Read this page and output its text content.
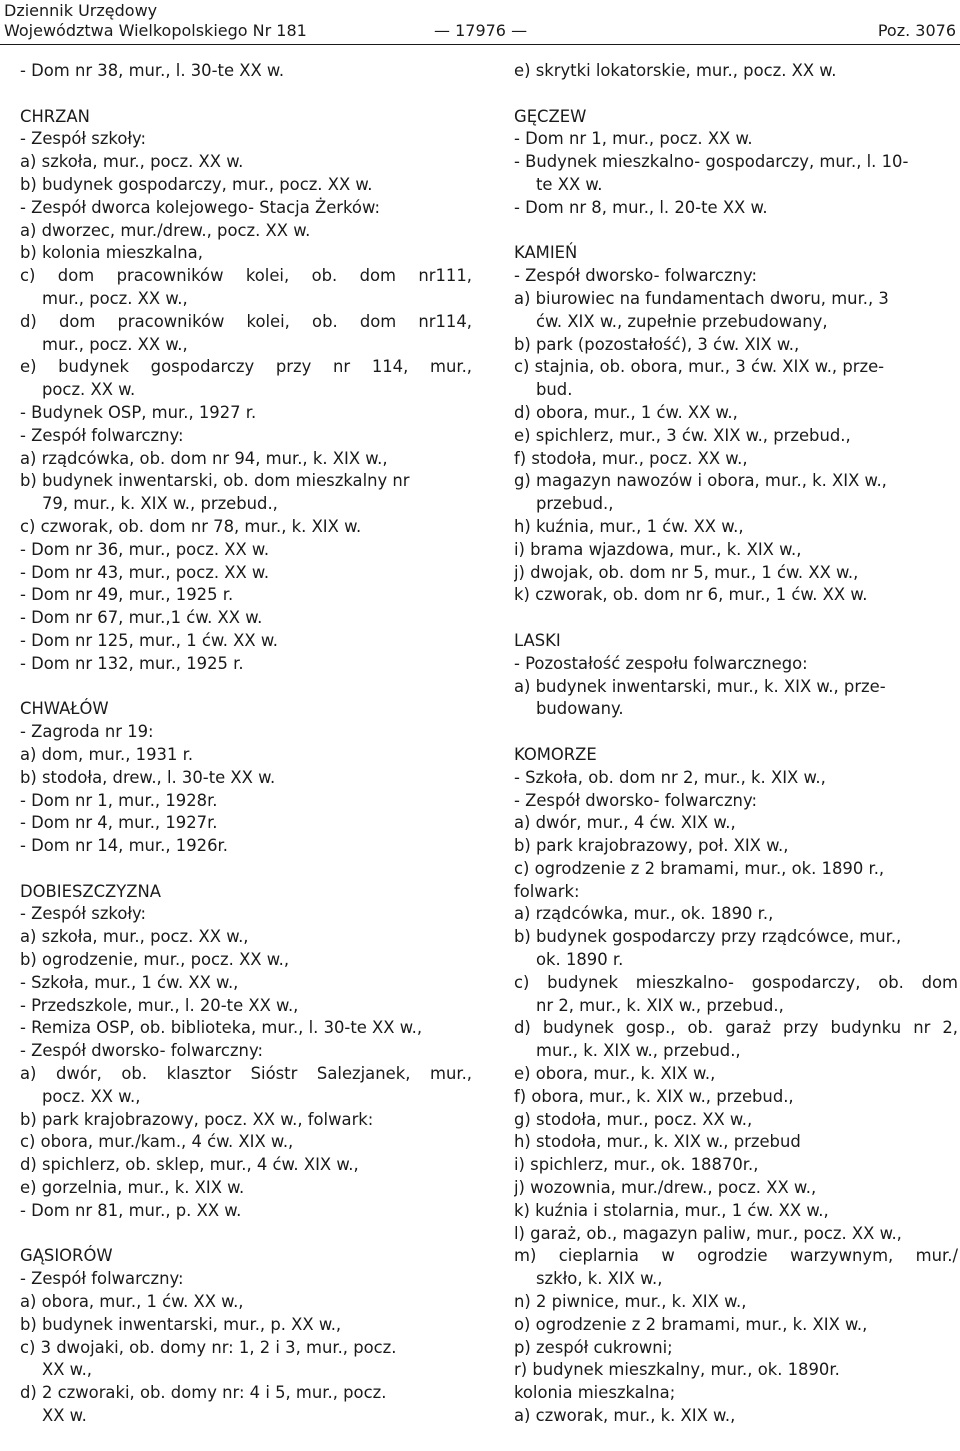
Dziennik Urzędowy
Województwa Wielkopolskiego Nr 181	— 17976 —	Poz. 3076
- Dom nr 38, mur., l. 30-te XX w.
CHRZAN
- Zespół szkoły:
a) szkoła, mur., pocz. XX w.
b) budynek gospodarczy, mur., pocz. XX w.
- Zespół dworca kolejowego- Stacja Żerków:
a) dworzec, mur./drew., pocz. XX w.
b) kolonia mieszkalna,
c) dom pracowników kolei, ob. dom nr111,
mur., pocz. XX w.,
d) dom pracowników kolei, ob. dom nr114,
mur., pocz. XX w.,
e) budynek gospodarczy przy nr 114, mur.,
pocz. XX w.
- Budynek OSP, mur., 1927 r.
- Zespół folwarczny:
a) rządcówka, ob. dom nr 94, mur., k. XIX w.,
b) budynek inwentarski, ob. dom mieszkalny nr
79, mur., k. XIX w., przebud.,
c) czworak, ob. dom nr 78, mur., k. XIX w.
- Dom nr 36, mur., pocz. XX w.
- Dom nr 43, mur., pocz. XX w.
- Dom nr 49, mur., 1925 r.
- Dom nr 67, mur.,1 ćw. XX w.
- Dom nr 125, mur., 1 ćw. XX w.
- Dom nr 132, mur., 1925 r.
CHWAŁÓW
- Zagroda nr 19:
a) dom, mur., 1931 r.
b) stodoła, drew., l. 30-te XX w.
- Dom nr 1, mur., 1928r.
- Dom nr 4, mur., 1927r.
- Dom nr 14, mur., 1926r.
DOBIESZCZYZNA
- Zespół szkoły:
a) szkoła, mur., pocz. XX w.,
b) ogrodzenie, mur., pocz. XX w.,
- Szkoła, mur., 1 ćw. XX w.,
- Przedszkole, mur., l. 20-te XX w.,
- Remiza OSP, ob. biblioteka, mur., l. 30-te XX w.,
- Zespół dworsko- folwarczny:
a) dwór, ob. klasztor Sióstr Salezjanek, mur.,
pocz. XX w.,
b) park krajobrazowy, pocz. XX w., folwark:
c) obora, mur./kam., 4 ćw. XIX w.,
d) spichlerz, ob. sklep, mur., 4 ćw. XIX w.,
e) gorzelnia, mur., k. XIX w.
- Dom nr 81, mur., p. XX w.
GĄSIORÓW
- Zespół folwarczny:
a) obora, mur., 1 ćw. XX w.,
b) budynek inwentarski, mur., p. XX w.,
c) 3 dwojaki, ob. domy nr: 1, 2 i 3, mur., pocz.
XX w.,
d) 2 czworaki, ob. domy nr: 4 i 5, mur., pocz.
XX w.
e) skrytki lokatorskie, mur., pocz. XX w.
GĘCZEW
- Dom nr 1, mur., pocz. XX w.
- Budynek mieszkalno- gospodarczy, mur., l. 10-
te XX w.
- Dom nr 8, mur., l. 20-te XX w.
KAMIEŃ
- Zespół dworsko- folwarczny:
a) biurowiec na fundamentach dworu, mur., 3
ćw. XIX w., zupełnie przebudowany,
b) park (pozostałość), 3 ćw. XIX w.,
c) stajnia, ob. obora, mur., 3 ćw. XIX w., prze-
bud.
d) obora, mur., 1 ćw. XX w.,
e) spichlerz, mur., 3 ćw. XIX w., przebud.,
f) stodoła, mur., pocz. XX w.,
g) magazyn nawozów i obora, mur., k. XIX w.,
przebud.,
h) kuźnia, mur., 1 ćw. XX w.,
i) brama wjazdowa, mur., k. XIX w.,
j) dwojak, ob. dom nr 5, mur., 1 ćw. XX w.,
k) czworak, ob. dom nr 6, mur., 1 ćw. XX w.
LASKI
- Pozostałość zespołu folwarcznego:
a) budynek inwentarski, mur., k. XIX w., prze-
budowany.
KOMORZE
- Szkoła, ob. dom nr 2, mur., k. XIX w.,
- Zespół dworsko- folwarczny:
a) dwór, mur., 4 ćw. XIX w.,
b) park krajobrazowy, poł. XIX w.,
c) ogrodzenie z 2 bramami, mur., ok. 1890 r.,
folwark:
a) rządcówka, mur., ok. 1890 r.,
b) budynek gospodarczy przy rządcówce, mur.,
ok. 1890 r.
c) budynek mieszkalno- gospodarczy, ob. dom
nr 2, mur., k. XIX w., przebud.,
d) budynek gosp., ob. garaż przy budynku nr 2,
mur., k. XIX w., przebud.,
e) obora, mur., k. XIX w.,
f) obora, mur., k. XIX w., przebud.,
g) stodoła, mur., pocz. XX w.,
h) stodoła, mur., k. XIX w., przebud
i) spichlerz, mur., ok. 18870r.,
j) wozownia, mur./drew., pocz. XX w.,
k) kuźnia i stolarnia, mur., 1 ćw. XX w.,
l) garaż, ob., magazyn paliw, mur., pocz. XX w.,
m) cieplarnia w ogrodzie warzywnym, mur./
szkło, k. XIX w.,
n) 2 piwnice, mur., k. XIX w.,
o) ogrodzenie z 2 bramami, mur., k. XIX w.,
p) zespół cukrowni;
r) budynek mieszkalny, mur., ok. 1890r.
kolonia mieszkalna;
a) czworak, mur., k. XIX w.,
